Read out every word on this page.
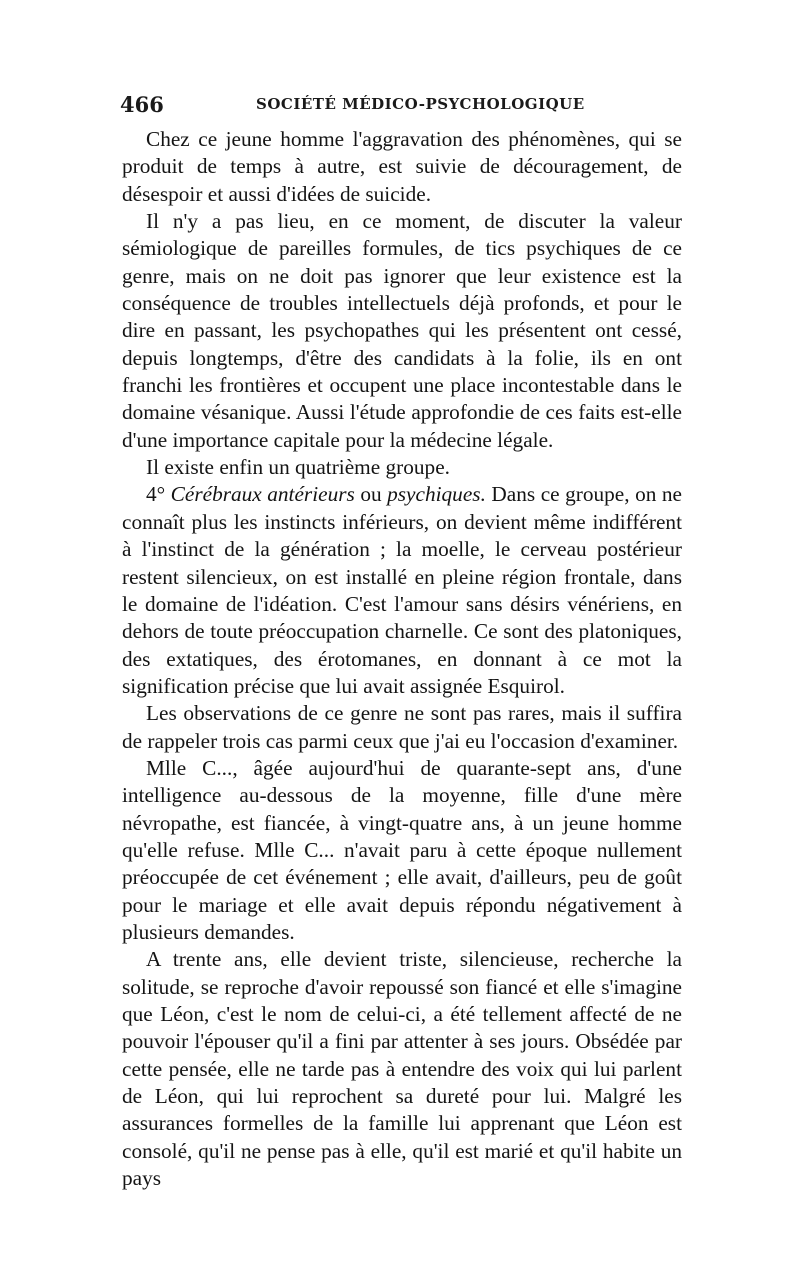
466	SOCIÉTÉ MÉDICO-PSYCHOLOGIQUE

Chez ce jeune homme l'aggravation des phénomènes, qui se produit de temps à autre, est suivie de découragement, de désespoir et aussi d'idées de suicide.

Il n'y a pas lieu, en ce moment, de discuter la valeur sémiologique de pareilles formules, de tics psychiques de ce genre, mais on ne doit pas ignorer que leur existence est la conséquence de troubles intellectuels déjà profonds, et pour le dire en passant, les psychopathes qui les présentent ont cessé, depuis longtemps, d'être des candidats à la folie, ils en ont franchi les frontières et occupent une place incontestable dans le domaine vésanique. Aussi l'étude approfondie de ces faits est-elle d'une importance capitale pour la médecine légale.

Il existe enfin un quatrième groupe.

4° Cérébraux antérieurs ou psychiques. Dans ce groupe, on ne connaît plus les instincts inférieurs, on devient même indifférent à l'instinct de la génération ; la moelle, le cerveau postérieur restent silencieux, on est installé en pleine région frontale, dans le domaine de l'idéation. C'est l'amour sans désirs vénériens, en dehors de toute préoccupation charnelle. Ce sont des platoniques, des extatiques, des érotomanes, en donnant à ce mot la signification précise que lui avait assignée Esquirol.

Les observations de ce genre ne sont pas rares, mais il suffira de rappeler trois cas parmi ceux que j'ai eu l'occasion d'examiner.

Mlle C..., âgée aujourd'hui de quarante-sept ans, d'une intelligence au-dessous de la moyenne, fille d'une mère névropathe, est fiancée, à vingt-quatre ans, à un jeune homme qu'elle refuse. Mlle C... n'avait paru à cette époque nullement préoccupée de cet événement ; elle avait, d'ailleurs, peu de goût pour le mariage et elle avait depuis répondu négativement à plusieurs demandes.

A trente ans, elle devient triste, silencieuse, recherche la solitude, se reproche d'avoir repoussé son fiancé et elle s'imagine que Léon, c'est le nom de celui-ci, a été tellement affecté de ne pouvoir l'épouser qu'il a fini par attenter à ses jours. Obsédée par cette pensée, elle ne tarde pas à entendre des voix qui lui parlent de Léon, qui lui reprochent sa dureté pour lui. Malgré les assurances formelles de la famille lui apprenant que Léon est consolé, qu'il ne pense pas à elle, qu'il est marié et qu'il habite un pays
